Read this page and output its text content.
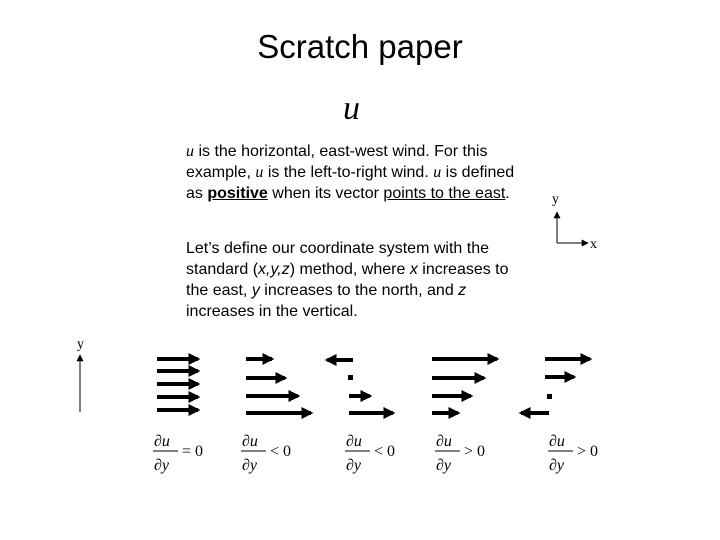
Scratch paper
u
u is the horizontal, east-west wind. For this example, u is the left-to-right wind. u is defined as positive when its vector points to the east.
Let’s define our coordinate system with the standard (x,y,z) method, where x increases to the east, y increases to the north, and z increases in the vertical.
y
x
y
∂u
∂y
= 0
∂u
∂y
< 0
∂u
∂y
< 0
∂u
∂y
> 0
∂u
∂y
> 0
